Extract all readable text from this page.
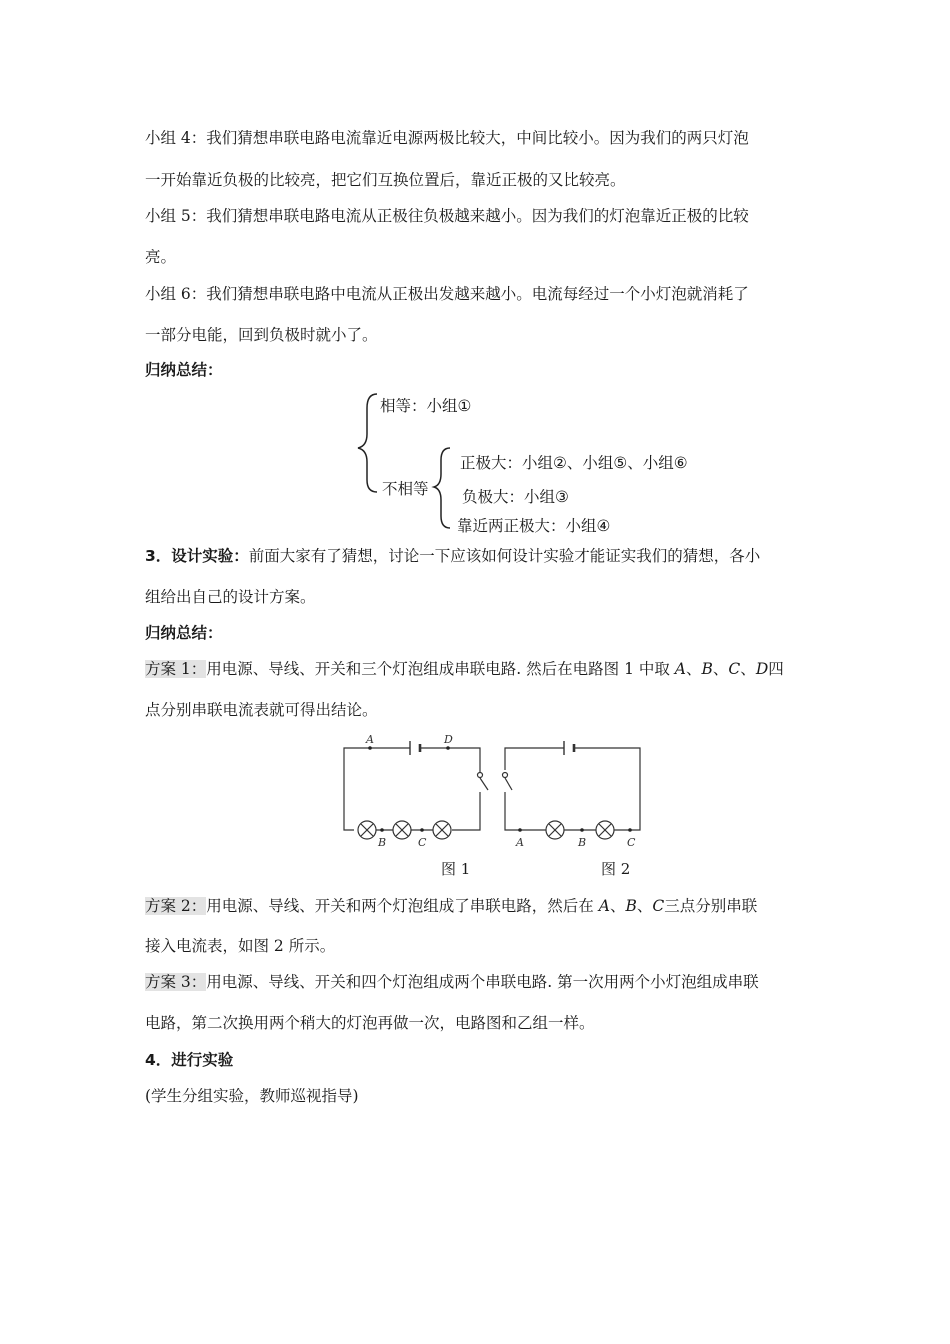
小组 4：我们猜想串联电路电流靠近电源两极比较大，中间比较小。因为我们的两只灯泡
一开始靠近负极的比较亮，把它们互换位置后，靠近正极的又比较亮。
小组 5：我们猜想串联电路电流从正极往负极越来越小。因为我们的灯泡靠近正极的比较
亮。
小组 6：我们猜想串联电路中电流从正极出发越来越小。电流每经过一个小灯泡就消耗了
一部分电能，回到负极时就小了。
归纳总结：
相等：小组①
不相等
正极大：小组②、小组⑤、小组⑥
负极大：小组③
靠近两正极大：小组④
3．设计实验：前面大家有了猜想，讨论一下应该如何设计实验才能证实我们的猜想，各小
组给出自己的设计方案。
归纳总结：
方案 1：用电源、导线、开关和三个灯泡组成串联电路. 然后在电路图 1 中取 A、B、C、D四
点分别串联电流表就可得出结论。
A	D
B	C	A	B	C
图 1	图 2
方案 2：用电源、导线、开关和两个灯泡组成了串联电路，然后在 A、B、C三点分别串联
接入电流表，如图 2 所示。
方案 3：用电源、导线、开关和四个灯泡组成两个串联电路. 第一次用两个小灯泡组成串联
电路，第二次换用两个稍大的灯泡再做一次，电路图和乙组一样。
4．进行实验
(学生分组实验，教师巡视指导)
